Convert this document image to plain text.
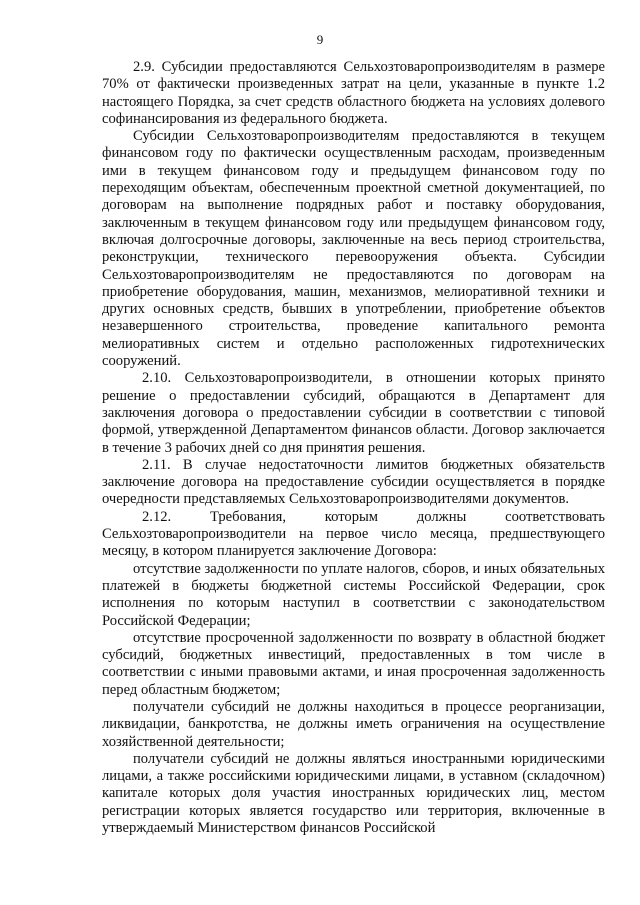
9

2.9. Субсидии предоставляются Сельхозтоваропроизводителям в размере 70% от фактически произведенных затрат на цели, указанные в пункте 1.2 настоящего Порядка, за счет средств областного бюджета на условиях долевого софинансирования из федерального бюджета.

Субсидии Сельхозтоваропроизводителям предоставляются в текущем финансовом году по фактически осуществленным расходам, произведенным ими в текущем финансовом году и предыдущем финансовом году по переходящим объектам, обеспеченным проектной сметной документацией, по договорам на выполнение подрядных работ и поставку оборудования, заключенным в текущем финансовом году или предыдущем финансовом году, включая долгосрочные договоры, заключенные на весь период строительства, реконструкции, технического перевооружения объекта. Субсидии Сельхозтоваропроизводителям не предоставляются по договорам на приобретение оборудования, машин, механизмов, мелиоративной техники и других основных средств, бывших в употреблении, приобретение объектов незавершенного строительства, проведение капитального ремонта мелиоративных систем и отдельно расположенных гидротехнических сооружений.

2.10. Сельхозтоваропроизводители, в отношении которых принято решение о предоставлении субсидий, обращаются в Департамент для заключения договора о предоставлении субсидии в соответствии с типовой формой, утвержденной Департаментом финансов области. Договор заключается в течение 3 рабочих дней со дня принятия решения.

2.11. В случае недостаточности лимитов бюджетных обязательств заключение договора на предоставление субсидии осуществляется в порядке очередности представляемых Сельхозтоваропроизводителями документов.

2.12. Требования, которым должны соответствовать Сельхозтоваропроизводители на первое число месяца, предшествующего месяцу, в котором планируется заключение Договора:

отсутствие задолженности по уплате налогов, сборов, и иных обязательных платежей в бюджеты бюджетной системы Российской Федерации, срок исполнения по которым наступил в соответствии с законодательством Российской Федерации;

отсутствие просроченной задолженности по возврату в областной бюджет субсидий, бюджетных инвестиций, предоставленных в том числе в соответствии с иными правовыми актами, и иная просроченная задолженность перед областным бюджетом;

получатели субсидий не должны находиться в процессе реорганизации, ликвидации, банкротства, не должны иметь ограничения на осуществление хозяйственной деятельности;

получатели субсидий не должны являться иностранными юридическими лицами, а также российскими юридическими лицами, в уставном (складочном) капитале которых доля участия иностранных юридических лиц, местом регистрации которых является государство или территория, включенные в утверждаемый Министерством финансов Российской
